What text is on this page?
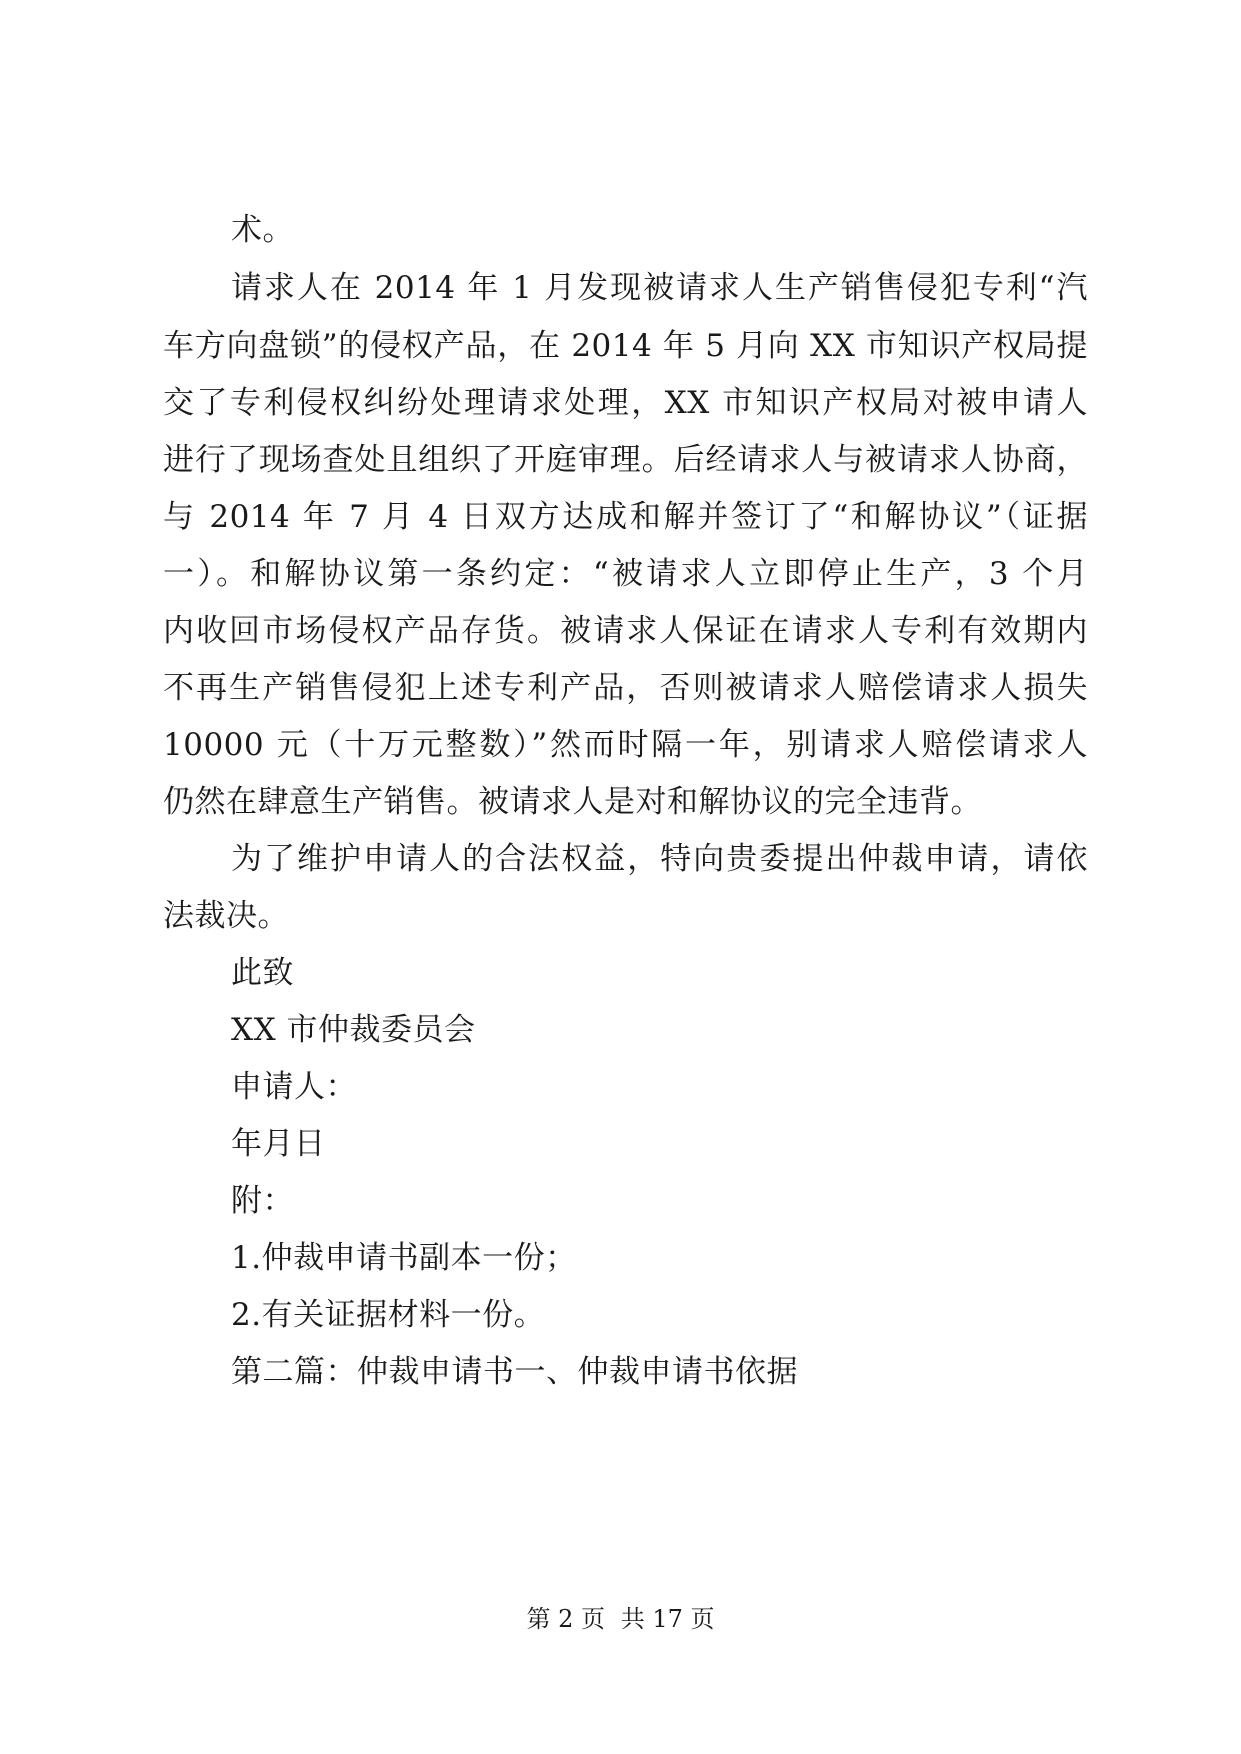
术。
请求人在 2014 年 1 月发现被请求人生产销售侵犯专利“汽
车方向盘锁”的侵权产品，在 2014 年 5 月向 XX 市知识产权局提
交了专利侵权纠纷处理请求处理，XX 市知识产权局对被申请人
进行了现场查处且组织了开庭审理。后经请求人与被请求人协商，
与 2014 年 7 月 4 日双方达成和解并签订了“和解协议”（证据
一）。和解协议第一条约定：“被请求人立即停止生产，3 个月
内收回市场侵权产品存货。被请求人保证在请求人专利有效期内
不再生产销售侵犯上述专利产品，否则被请求人赔偿请求人损失
10000 元（十万元整数）”然而时隔一年，别请求人赔偿请求人
仍然在肆意生产销售。被请求人是对和解协议的完全违背。
为了维护申请人的合法权益，特向贵委提出仲裁申请，请依
法裁决。
此致
XX 市仲裁委员会
申请人：
年月日
附：
1.仲裁申请书副本一份；
2.有关证据材料一份。
第二篇：仲裁申请书一、仲裁申请书依据
第 2 页 共 17 页
